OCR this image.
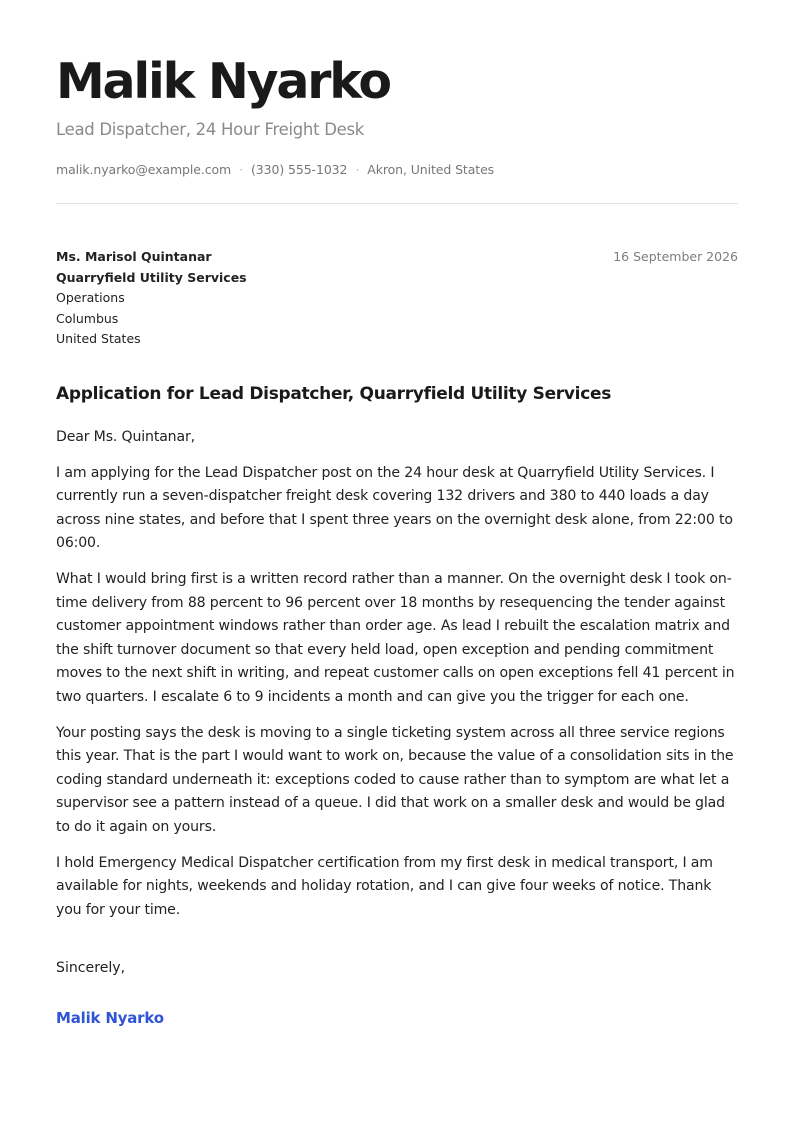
Malik Nyarko
Lead Dispatcher, 24 Hour Freight Desk
malik.nyarko@example.com · (330) 555-1032 · Akron, United States
Ms. Marisol Quintanar
Quarryfield Utility Services
Operations
Columbus
United States
16 September 2026
Application for Lead Dispatcher, Quarryfield Utility Services

Dear Ms. Quintanar,

I am applying for the Lead Dispatcher post on the 24 hour desk at Quarryfield Utility Services. I currently run a seven-dispatcher freight desk covering 132 drivers and 380 to 440 loads a day across nine states, and before that I spent three years on the overnight desk alone, from 22:00 to 06:00.

What I would bring first is a written record rather than a manner. On the overnight desk I took on-time delivery from 88 percent to 96 percent over 18 months by resequencing the tender against customer appointment windows rather than order age. As lead I rebuilt the escalation matrix and the shift turnover document so that every held load, open exception and pending commitment moves to the next shift in writing, and repeat customer calls on open exceptions fell 41 percent in two quarters. I escalate 6 to 9 incidents a month and can give you the trigger for each one.

Your posting says the desk is moving to a single ticketing system across all three service regions this year. That is the part I would want to work on, because the value of a consolidation sits in the coding standard underneath it: exceptions coded to cause rather than to symptom are what let a supervisor see a pattern instead of a queue. I did that work on a smaller desk and would be glad to do it again on yours.

I hold Emergency Medical Dispatcher certification from my first desk in medical transport, I am available for nights, weekends and holiday rotation, and I can give four weeks of notice. Thank you for your time.

Sincerely,
Malik Nyarko
